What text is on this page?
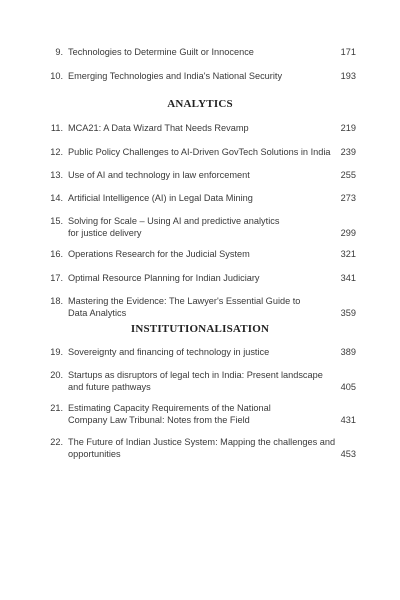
9. Technologies to Determine Guilt or Innocence	171
10. Emerging Technologies and India's National Security	193
ANALYTICS
11. MCA21: A Data Wizard That Needs Revamp	219
12. Public Policy Challenges to AI-Driven GovTech Solutions in India 239
13. Use of AI and technology in law enforcement	255
14. Artificial Intelligence (AI) in Legal Data Mining	273
15. Solving for Scale – Using AI and predictive analytics
for justice delivery	299
16. Operations Research for the Judicial System	321
17. Optimal Resource Planning for Indian Judiciary	341
18. Mastering the Evidence: The Lawyer's Essential Guide to
Data Analytics	359
INSTITUTIONALISATION
19. Sovereignty and financing of technology in justice	389
20. Startups as disruptors of legal tech in India: Present landscape
and future pathways	405
21. Estimating Capacity Requirements of the National
Company Law Tribunal: Notes from the Field	431
22. The Future of Indian Justice System: Mapping the challenges and
opportunities	453
